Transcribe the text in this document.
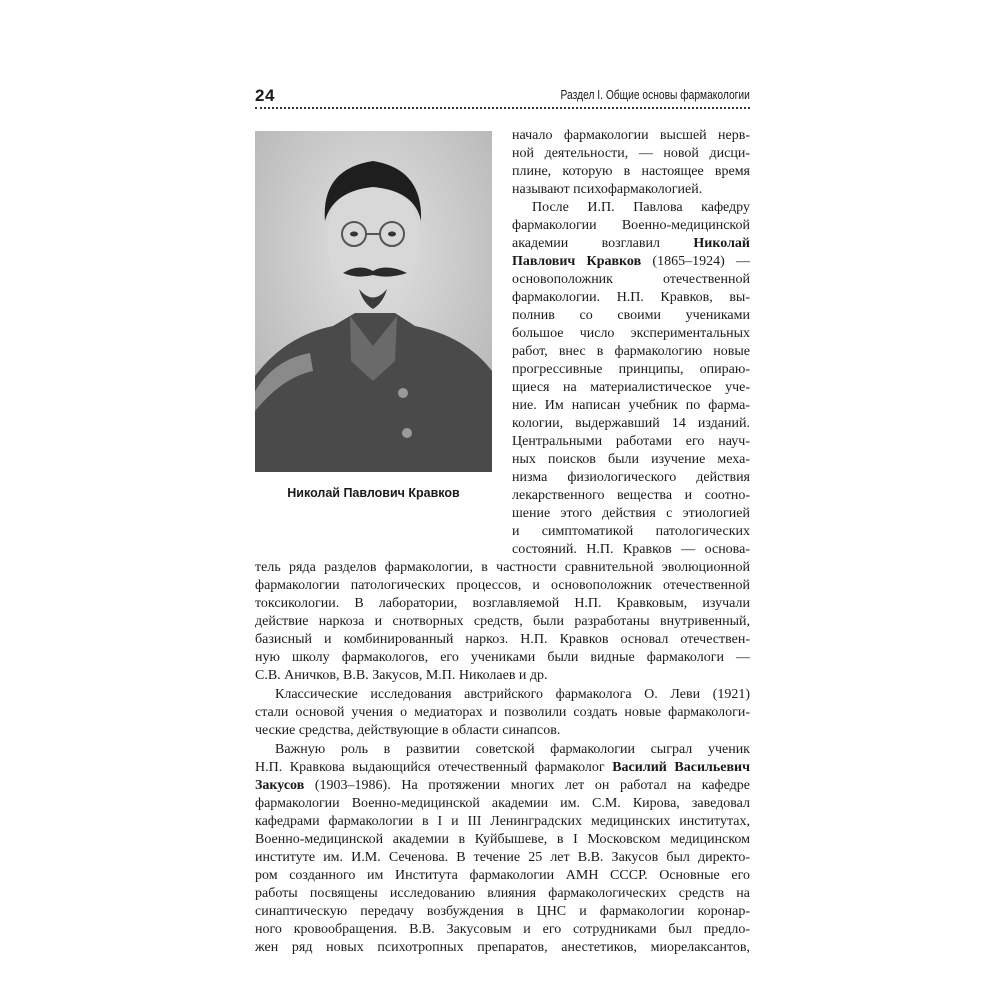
24	Раздел I. Общие основы фармакологии
Николай Павлович Кравков
начало фармакологии высшей нерв-
ной деятельности, — новой дисци-
плине, которую в настоящее время
называют психофармакологией.
После И.П. Павлова кафедру
фармакологии Военно-медицинской
академии возглавил Николай
Павлович Кравков (1865–1924) —
основоположник отечественной
фармакологии. Н.П. Кравков, вы-
полнив со своими учениками
большое число экспериментальных
работ, внес в фармакологию новые
прогрессивные принципы, опираю-
щиеся на материалистическое уче-
ние. Им написан учебник по фарма-
кологии, выдержавший 14 изданий.
Центральными работами его науч-
ных поисков были изучение меха-
низма физиологического действия
лекарственного вещества и соотно-
шение этого действия с этиологией
и симптоматикой патологических
состояний. Н.П. Кравков — основа-
тель ряда разделов фармакологии, в частности сравнительной эволюционной
фармакологии патологических процессов, и основоположник отечественной
токсикологии. В лаборатории, возглавляемой Н.П. Кравковым, изучали
действие наркоза и снотворных средств, были разработаны внутривенный,
базисный и комбинированный наркоз. Н.П. Кравков основал отечествен-
ную школу фармакологов, его учениками были видные фармакологи —
С.В. Аничков, В.В. Закусов, М.П. Николаев и др.
Классические исследования австрийского фармаколога О. Леви (1921)
стали основой учения о медиаторах и позволили создать новые фармакологи-
ческие средства, действующие в области синапсов.
Важную роль в развитии советской фармакологии сыграл ученик
Н.П. Кравкова выдающийся отечественный фармаколог Василий Васильевич
Закусов (1903–1986). На протяжении многих лет он работал на кафедре
фармакологии Военно-медицинской академии им. С.М. Кирова, заведовал
кафедрами фармакологии в I и III Ленинградских медицинских институтах,
Военно-медицинской академии в Куйбышеве, в I Московском медицинском
институте им. И.М. Сеченова. В течение 25 лет В.В. Закусов был директо-
ром созданного им Института фармакологии АМН СССР. Основные его
работы посвящены исследованию влияния фармакологических средств на
синаптическую передачу возбуждения в ЦНС и фармакологии коронар-
ного кровообращения. В.В. Закусовым и его сотрудниками был предло-
жен ряд новых психотропных препаратов, анестетиков, миорелаксантов,
